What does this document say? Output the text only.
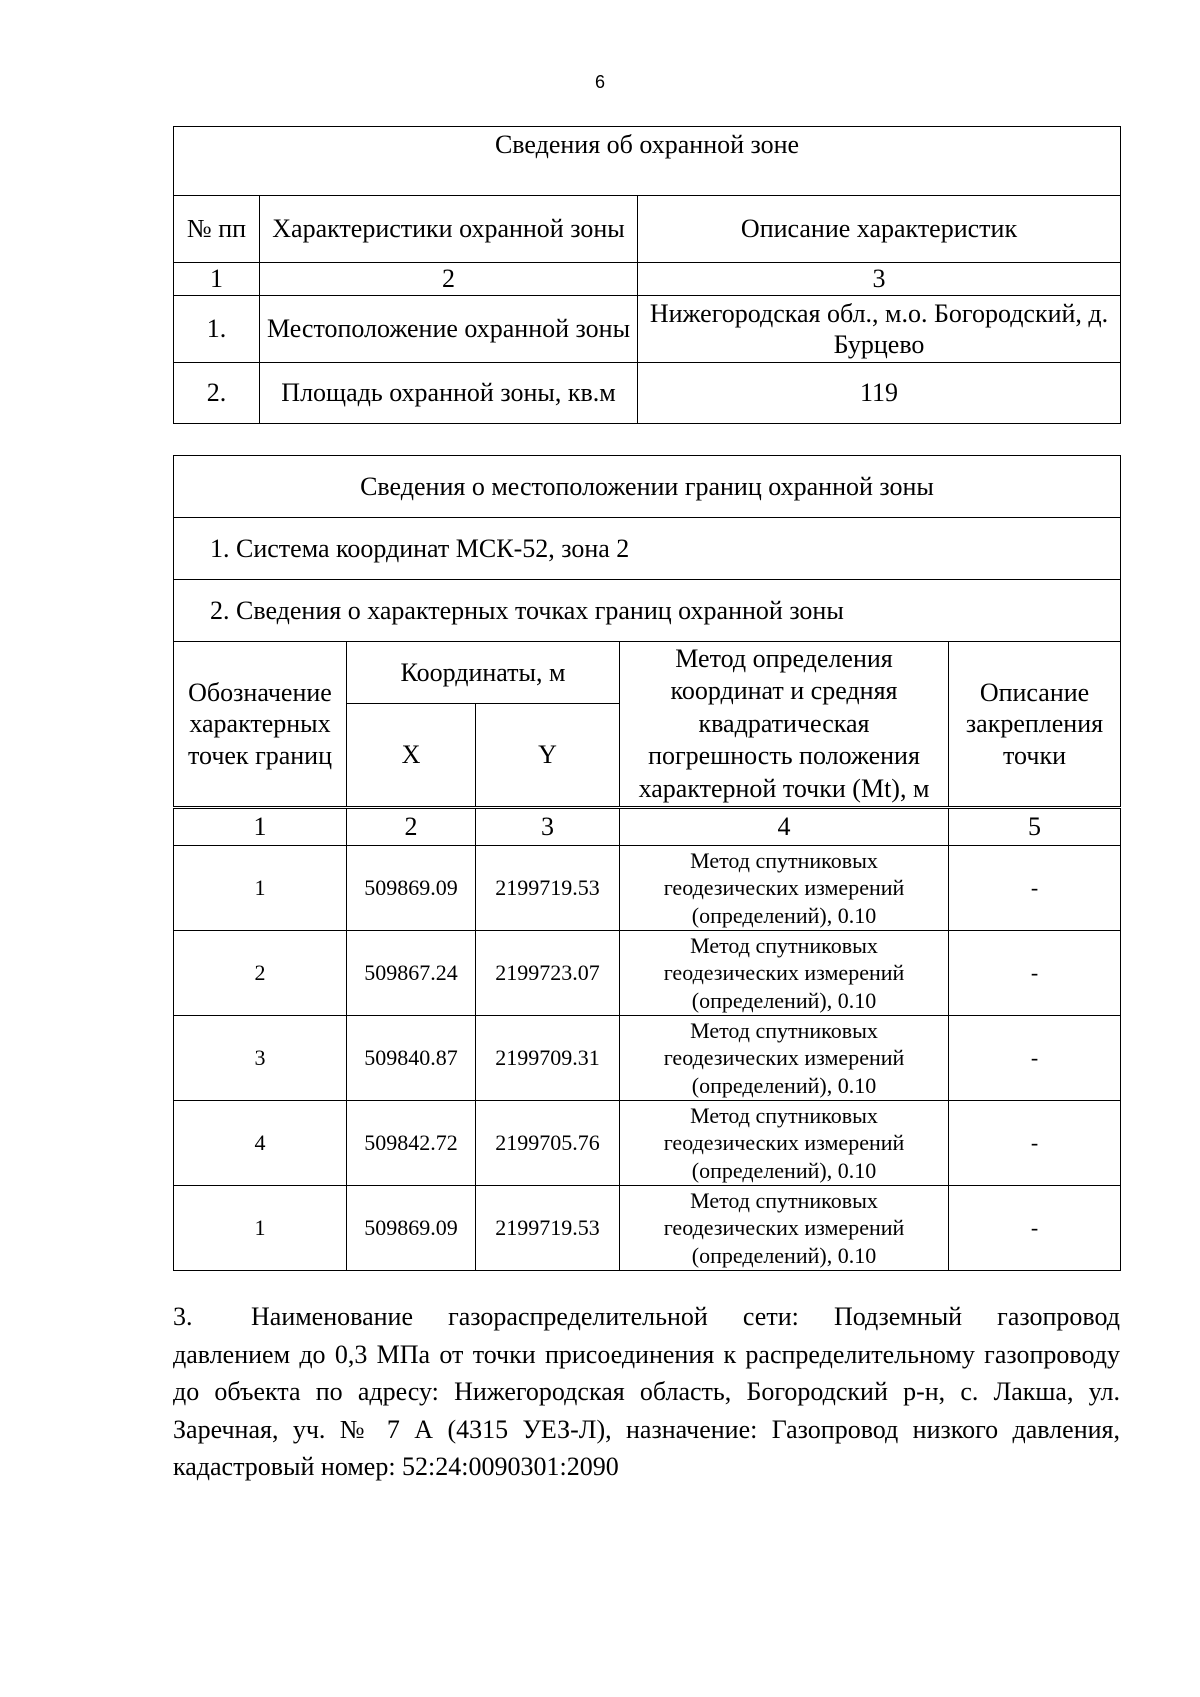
6
Сведения об охранной зоне		
№ пп	Характеристики охранной зоны	Описание характеристик
1	2	3
1.	Местоположение охранной зоны	Нижегородская обл., м.о. Богородский, д. Бурцево
2.	Площадь охранной зоны, кв.м	119
Сведения о местоположении границ охранной зоны				
1. Система координат МСК-52, зона 2				
2. Сведения о характерных точках границ охранной зоны				
Обозначение характерных точек границ	Координаты, м		Метод определения координат и средняя квадратическая погрешность положения характерной точки (Mt), м	Описание закрепления точки
	X	Y		
1	2	3	4	5
1	509869.09	2199719.53	Метод спутниковых геодезических измерений (определений), 0.10	-
2	509867.24	2199723.07	Метод спутниковых геодезических измерений (определений), 0.10	-
3	509840.87	2199709.31	Метод спутниковых геодезических измерений (определений), 0.10	-
4	509842.72	2199705.76	Метод спутниковых геодезических измерений (определений), 0.10	-
1	509869.09	2199719.53	Метод спутниковых геодезических измерений (определений), 0.10	-
3. Наименование газораспределительной сети: Подземный газопровод давлением до 0,3 МПа от точки присоединения к распределительному газопроводу до объекта по адресу: Нижегородская область, Богородский р-н, с. Лакша, ул. Заречная, уч. № 7 А (4315 УЕЗ-Л), назначение: Газопровод низкого давления, кадастровый номер: 52:24:0090301:2090
